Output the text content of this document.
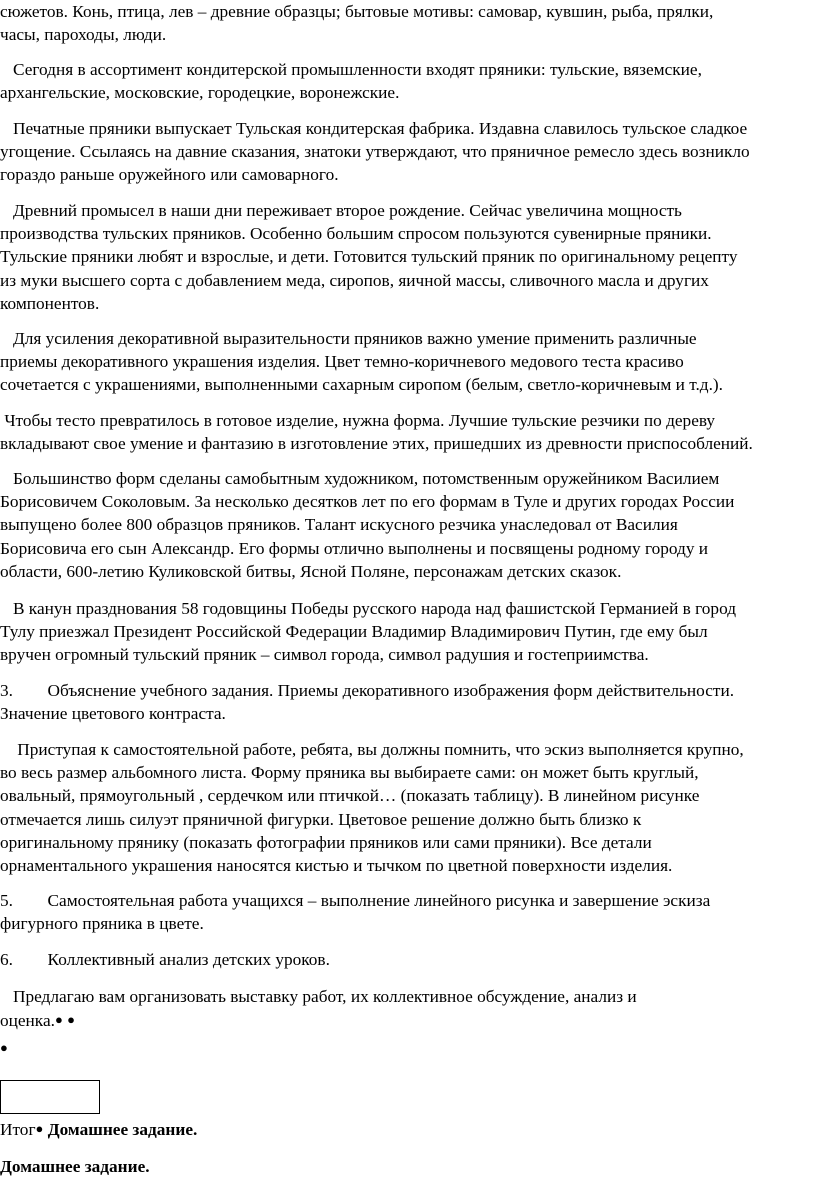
сюжетов. Конь, птица, лев – древние образцы; бытовые мотивы: самовар, кувшин, рыба, прялки,
часы, пароходы, люди.

Сегодня в ассортимент кондитерской промышленности входят пряники: тульские, вяземские,
архангельские, московские, городецкие, воронежские.

Печатные пряники выпускает Тульская кондитерская фабрика. Издавна славилось тульское сладкое
угощение. Ссылаясь на давние сказания, знатоки утверждают, что пряничное ремесло здесь возникло
гораздо раньше оружейного или самоварного.

Древний промысел в наши дни переживает второе рождение. Сейчас увеличина мощность
производства тульских пряников. Особенно большим спросом пользуются сувенирные пряники.
Тульские пряники любят и взрослые, и дети. Готовится тульский пряник по оригинальному рецепту
из муки высшего сорта с добавлением меда, сиропов, яичной массы, сливочного масла и других
компонентов.

Для усиления декоративной выразительности пряников важно умение применить различные
приемы декоративного украшения изделия. Цвет темно-коричневого медового теста красиво
сочетается с украшениями, выполненными сахарным сиропом (белым, светло-коричневым и т.д.).

Чтобы тесто превратилось в готовое изделие, нужна форма. Лучшие тульские резчики по дереву
вкладывают свое умение и фантазию в изготовление этих, пришедших из древности приспособлений.

Большинство форм сделаны самобытным художником, потомственным оружейником Василием
Борисовичем Соколовым. За несколько десятков лет по его формам в Туле и других городах России
выпущено более 800 образцов пряников. Талант искусного резчика унаследовал от Василия
Борисовича его сын Александр. Его формы отлично выполнены и посвящены родному городу и
области, 600-летию Куликовской битвы, Ясной Поляне, персонажам детских сказок.

В канун празднования 58 годовщины Победы русского народа над фашистской Германией в город
Тулу приезжал Президент Российской Федерации Владимир Владимирович Путин, где ему был
вручен огромный тульский пряник – символ города, символ радушия и гостеприимства.

3.        Объяснение учебного задания. Приемы декоративного изображения форм действительности.
Значение цветового контраста.

Приступая к самостоятельной работе, ребята, вы должны помнить, что эскиз выполняется крупно,
во весь размер альбомного листа. Форму пряника вы выбираете сами: он может быть круглый,
овальный, прямоугольный , сердечком или птичкой… (показать таблицу). В линейном рисунке
отмечается лишь силуэт пряничной фигурки. Цветовое решение должно быть близко к
оригинальному прянику (показать фотографии пряников или сами пряники). Все детали
орнаментального украшения наносятся кистью и тычком по цветной поверхности изделия.

5.        Самостоятельная работа учащихся – выполнение линейного рисунка и завершение эскиза
фигурного пряника в цвете.

6.        Коллективный анализ детских уроков.

Предлагаю вам организовать выставку работ, их коллективное обсуждение, анализ и
оценка.● ●

●
Итог● Домашнее задание.
Домашнее задание.
